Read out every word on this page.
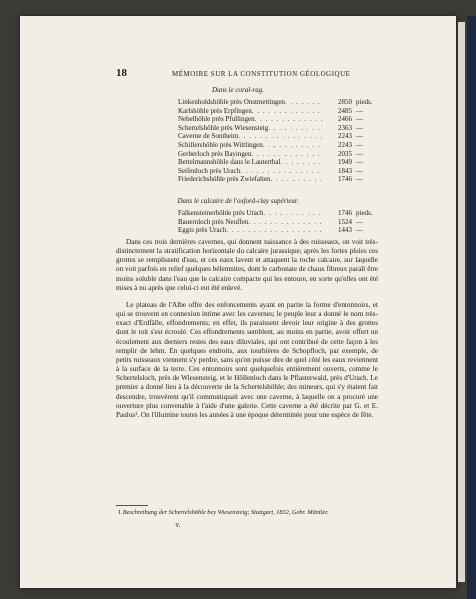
18	MÉMOIRE SUR LA CONSTITUTION GÉOLOGIQUE
Dans le coral-rag.
Linkenholdshöhle près Onstmettingen . . .	2850 pieds.
Karlshöhle près Erpfingen . . .	2485 —
Nebelhöhle près Pfullingen . . .	2466 —
Schertelshöhle près Wiesensteig . . .	2363 —
Caverne de Sontheim . . .	2243 —
Schillershöhle près Wittlingen . . .	2243 —
Gerberloch près Bayingen . . .	2035 —
Bettelmannshöhle dans le Lauterthal . . .	1949 —
Seifenloch près Urach . . .	1843 —
Friederichshöhle près Zwiefalten . . .	1746 —
Dans le calcaire de l'oxford-clay supérieur.
Falkensteinerhöhle près Urach . . .	1746 pieds.
Bauernloch près Neuffen . . .	1524 —
Eggis près Urach . . .	1443 —

Dans ces trois dernières cavernes, qui donnent naissance à des ruisseaux, on voit très-distinctement la stratification horizontale du calcaire jurassique; après les fortes pluies ces grottes se remplissent d'eau, et ces eaux lavent et attaquent la roche calcaire, sur laquelle on voit parfois en relief quelques bélemnites, dont le carbonate de chaux fibreux paraît être moins soluble dans l'eau que le calcaire compacte qui les entoure, en sorte qu'elles ont été mises à nu après que celui-ci eut été enlevé.

Le plateau de l'Albe offre des enfoncements ayant en partie la forme d'entonnoirs, et qui se trouvent en connexion intime avec les cavernes; le peuple leur a donné le nom très-exact d'Erdfälle, effondrements; en effet, ils paraissent devoir leur origine à des grottes dont le toit s'est écroulé. Ces effondrements semblent, au moins en partie, avoir offert un écoulement aux derniers restes des eaux diluviales, qui ont contribué de cette façon à les remplir de lehm. En quelques endroits, aux tourbières de Schopfloch, par exemple, de petits ruisseaux viennent s'y perdre, sans qu'on puisse dire de quel côté les eaux reviennent à la surface de la terre. Ces entonnoirs sont quelquefois entièrement ouverts, comme le Schertelsloch, près de Wiesensteig, et le Höllenloch dans le Pflasterwald, près d'Urach. Le premier a donné lieu à la découverte de la Schertelshöhle; des mineurs, qui s'y étaient fait descendre, trouvèrent qu'il communiquait avec une caverne, à laquelle on a procuré une ouverture plus convenable à l'aide d'une galerie. Cette caverne a été décrite par G. et E. Paulus¹. On l'illumine toutes les années à une époque déterminée pour une espèce de fête.

1 Beschreibung der Schertelshöhle bey Wiesensteig; Stuttgart, 1832, Gebr. Mäntler.
Y.
